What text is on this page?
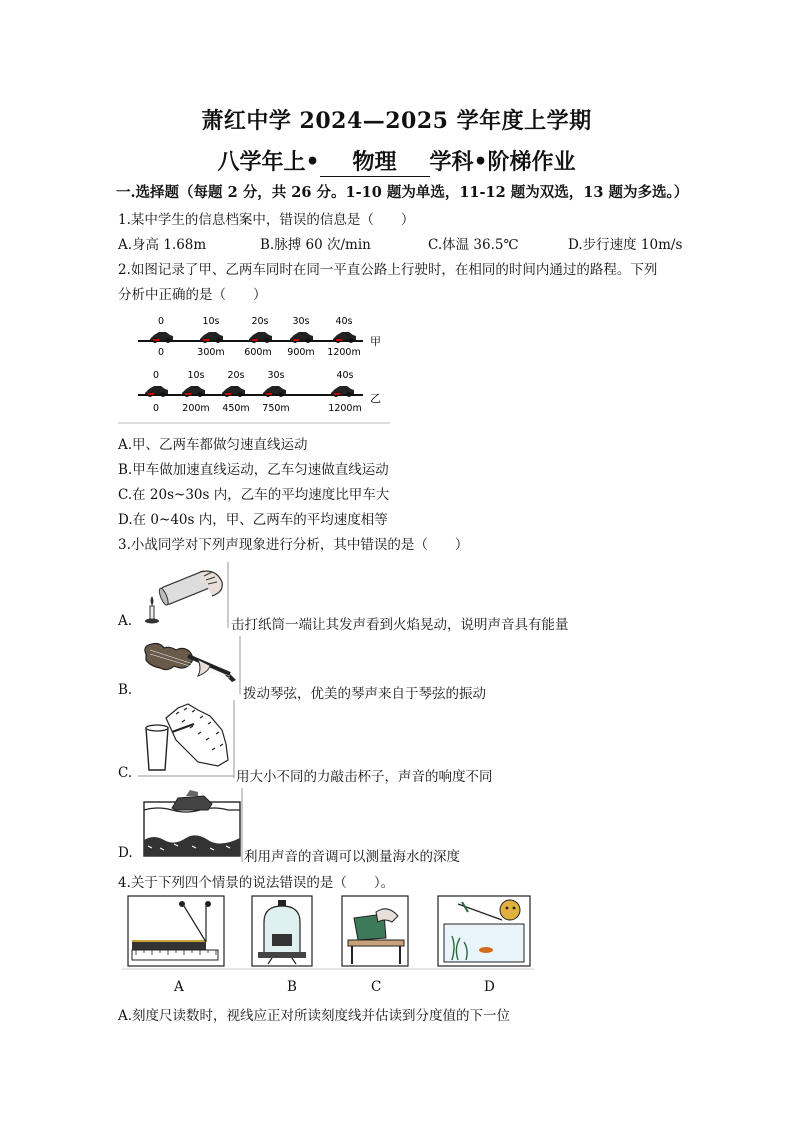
萧红中学 2024—2025 学年度上学期
八学年上• 物理 学科•阶梯作业
一.选择题（每题 2 分，共 26 分。1-10 题为单选，11-12 题为双选，13 题为多选。）
1.某中学生的信息档案中，错误的信息是（　　）
A.身高 1.68m	B.脉搏 60 次/min	C.体温 36.5℃	D.步行速度 10m/s
2.如图记录了甲、乙两车同时在同一平直公路上行驶时，在相同的时间内通过的路程。下列
分析中正确的是（　　）
0	10s	20s	30s	40s
0	300m 600m 900m 1200m
甲
0	10s 20s 30s	40s
0 200m 450m 750m	1200m
乙
A.甲、乙两车都做匀速直线运动
B.甲车做加速直线运动，乙车匀速做直线运动
C.在 20s~30s 内，乙车的平均速度比甲车大
D.在 0~40s 内，甲、乙两车的平均速度相等
3.小战同学对下列声现象进行分析，其中错误的是（　　）
A.	击打纸筒一端让其发声看到火焰晃动，说明声音具有能量
B.	拨动琴弦，优美的琴声来自于琴弦的振动
C.	用大小不同的力敲击杯子，声音的响度不同
D.	利用声音的音调可以测量海水的深度
4.关于下列四个情景的说法错误的是（　　）。
A	B	C	D
A.刻度尺读数时，视线应正对所读刻度线并估读到分度值的下一位
